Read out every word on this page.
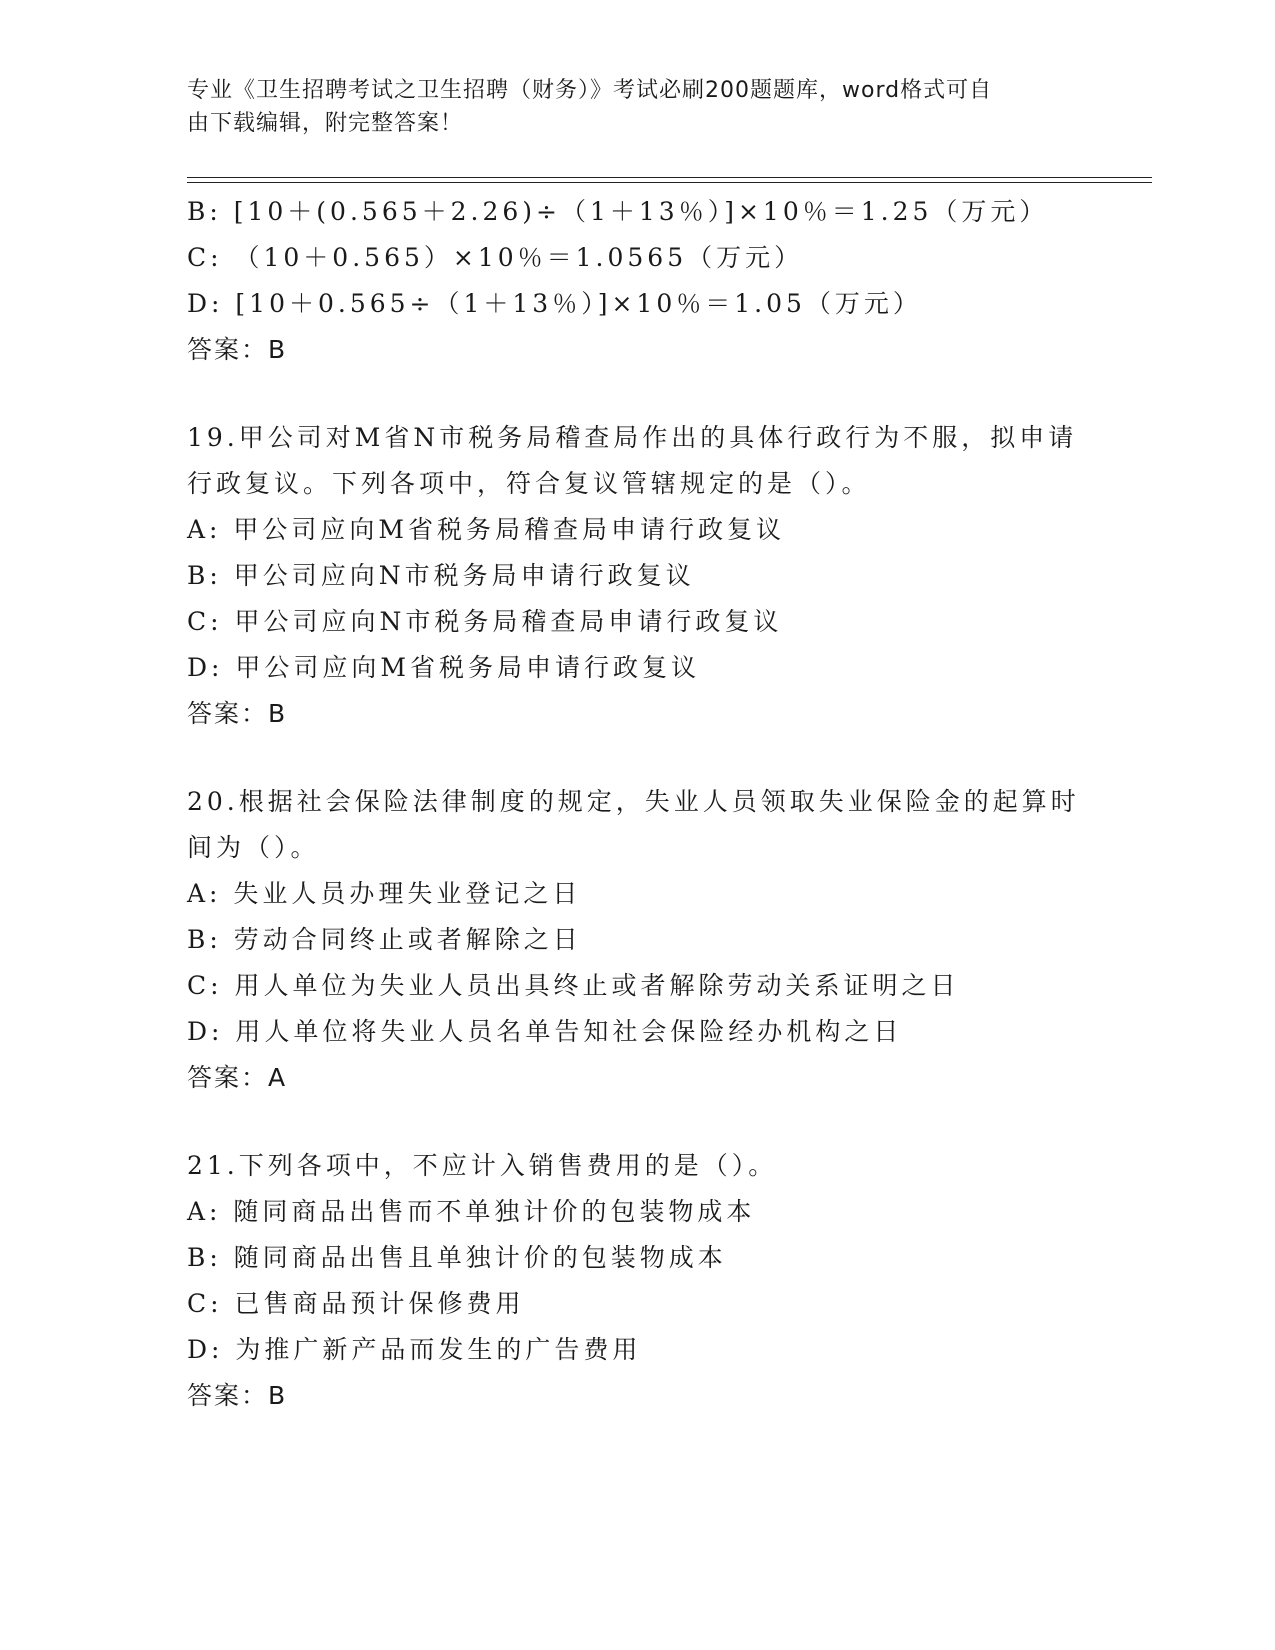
专业《卫生招聘考试之卫生招聘（财务）》考试必刷200题题库，word格式可自
由下载编辑，附完整答案！
B: [10＋(0.565＋2.26)÷（1＋13％）]×10％＝1.25（万元）
C: （10＋0.565）×10％＝1.0565（万元）
D: [10＋0.565÷（1＋13％）]×10％＝1.05（万元）
答案：B
19.甲公司对M省N市税务局稽查局作出的具体行政行为不服，拟申请
行政复议。下列各项中，符合复议管辖规定的是（）。
A: 甲公司应向M省税务局稽查局申请行政复议
B: 甲公司应向N市税务局申请行政复议
C: 甲公司应向N市税务局稽查局申请行政复议
D: 甲公司应向M省税务局申请行政复议
答案：B
20.根据社会保险法律制度的规定，失业人员领取失业保险金的起算时
间为（）。
A: 失业人员办理失业登记之日
B: 劳动合同终止或者解除之日
C: 用人单位为失业人员出具终止或者解除劳动关系证明之日
D: 用人单位将失业人员名单告知社会保险经办机构之日
答案：A
21.下列各项中，不应计入销售费用的是（）。
A: 随同商品出售而不单独计价的包装物成本
B: 随同商品出售且单独计价的包装物成本
C: 已售商品预计保修费用
D: 为推广新产品而发生的广告费用
答案：B
